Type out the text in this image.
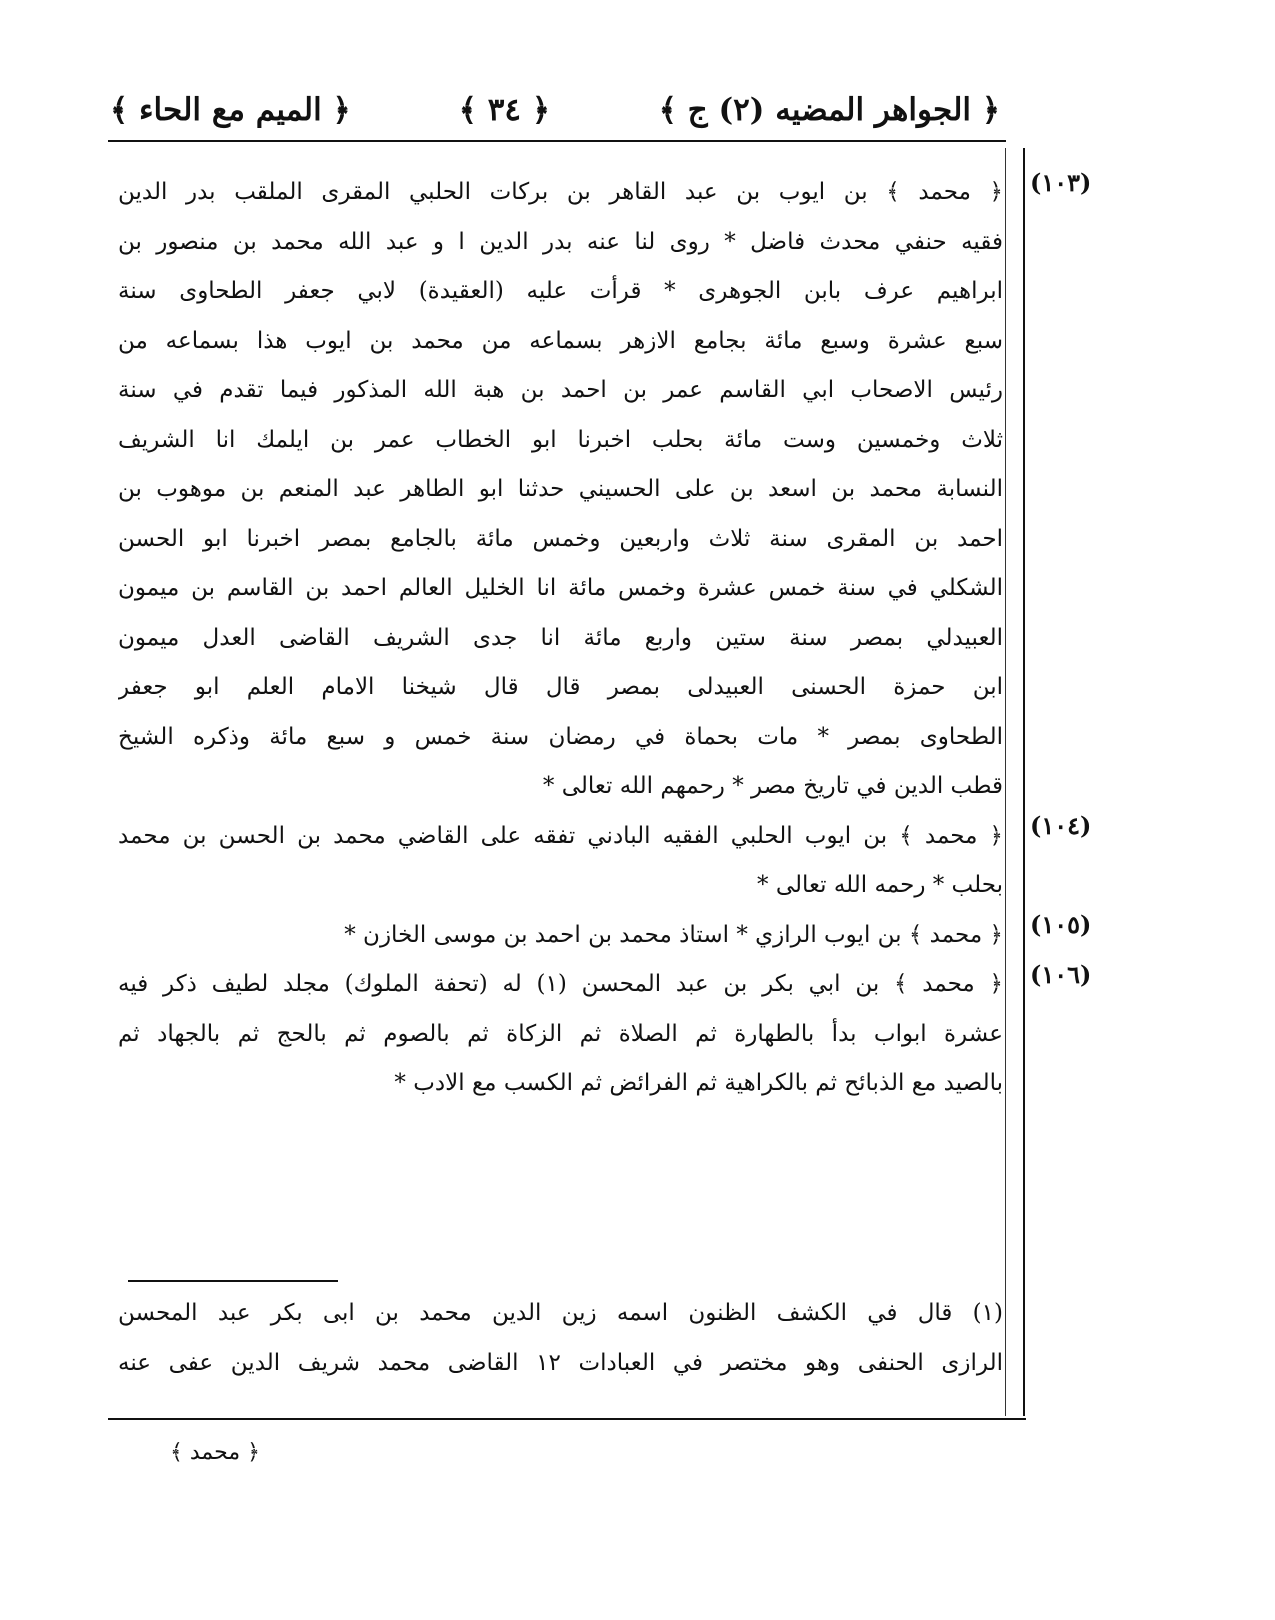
﴿ الجواهر المضيه (٢) ج ﴾
﴿ ٣٤ ﴾
﴿ الميم مع الحاء ﴾
(١٠٣)
(١٠٤)
(١٠٥)
(١٠٦)
﴿ محمد ﴾ بن ايوب بن عبد القاهر بن بركات الحلبي المقرى الملقب بدر الدين
فقيه حنفي محدث فاضل * روى لنا عنه بدر الدين ا و عبد الله محمد بن منصور بن
ابراهيم عرف بابن الجوهرى * قرأت عليه (العقيدة) لابي جعفر الطحاوى سنة
سبع عشرة وسبع مائة بجامع الازهر بسماعه من محمد بن ايوب هذا بسماعه من
رئيس الاصحاب ابي القاسم عمر بن احمد بن هبة الله المذكور فيما تقدم في سنة
ثلاث وخمسين وست مائة بحلب اخبرنا ابو الخطاب عمر بن ايلمك انا الشريف
النسابة محمد بن اسعد بن على الحسيني حدثنا ابو الطاهر عبد المنعم بن موهوب بن
احمد بن المقرى سنة ثلاث واربعين وخمس مائة بالجامع بمصر اخبرنا ابو الحسن
الشكلي في سنة خمس عشرة وخمس مائة انا الخليل العالم احمد بن القاسم بن ميمون
العبيدلي بمصر سنة ستين واربع مائة انا جدى الشريف القاضى العدل ميمون
ابن حمزة الحسنى العبيدلى بمصر قال قال شيخنا الامام العلم ابو جعفر
الطحاوى بمصر * مات بحماة في رمضان سنة خمس و سبع مائة وذكره الشيخ
قطب الدين في تاريخ مصر * رحمهم الله تعالى *
﴿ محمد ﴾ بن ايوب الحلبي الفقيه البادني تفقه على القاضي محمد بن الحسن بن محمد
بحلب * رحمه الله تعالى *
﴿ محمد ﴾ بن ايوب الرازي * استاذ محمد بن احمد بن موسى الخازن *
﴿ محمد ﴾ بن ابي بكر بن عبد المحسن (١) له (تحفة الملوك) مجلد لطيف ذكر فيه
عشرة ابواب بدأ بالطهارة ثم الصلاة ثم الزكاة ثم بالصوم ثم بالحج ثم بالجهاد ثم
بالصيد مع الذبائح ثم بالكراهية ثم الفرائض ثم الكسب مع الادب *
(١) قال في الكشف الظنون اسمه زين الدين محمد بن ابى بكر عبد المحسن
الرازى الحنفى وهو مختصر في العبادات ١٢ القاضى محمد شريف الدين عفى عنه
﴿ محمد ﴾
